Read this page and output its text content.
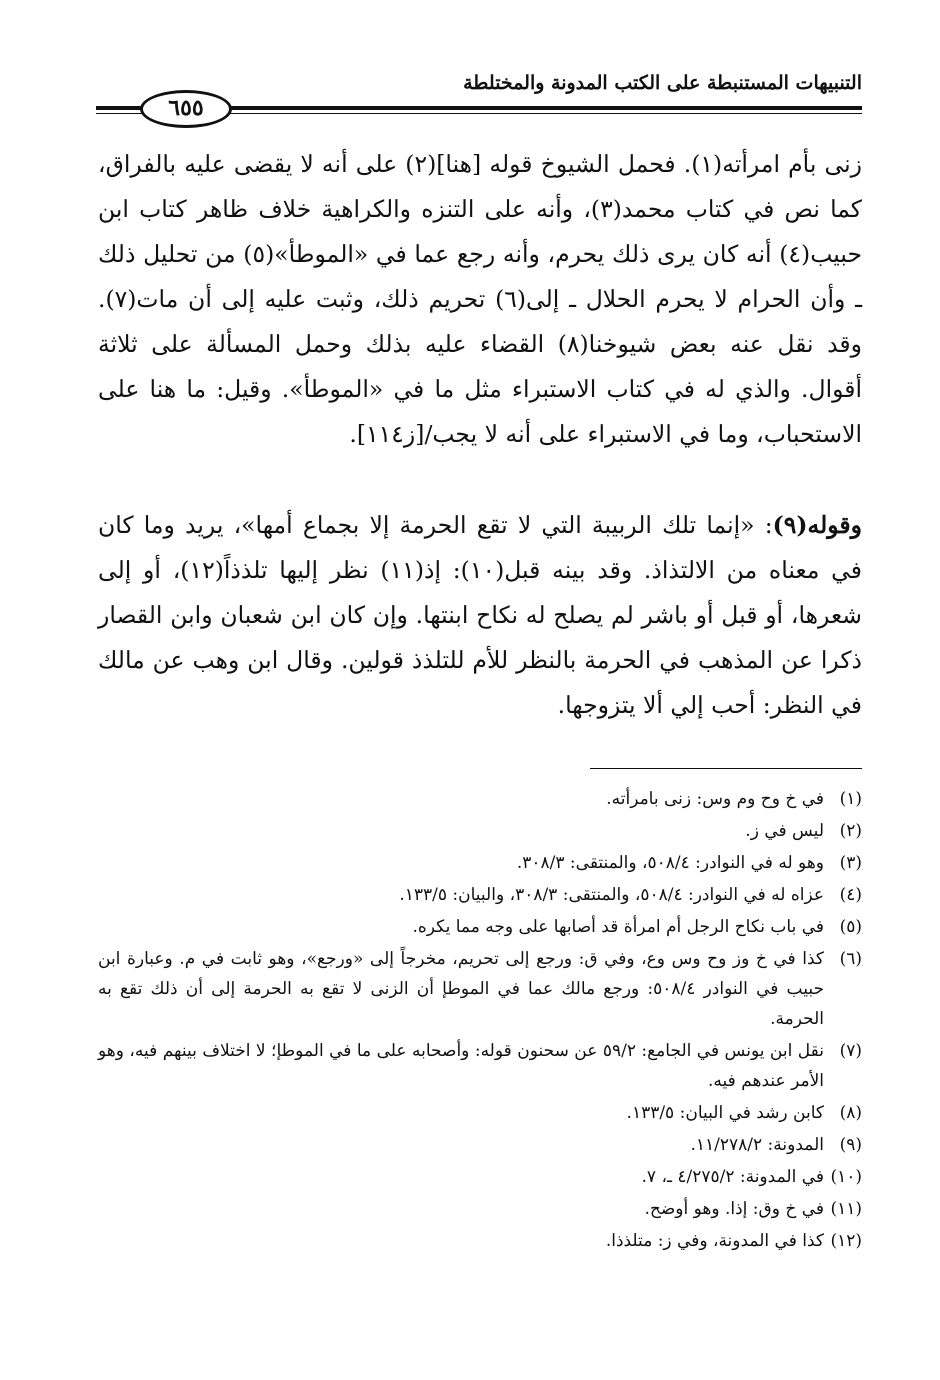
التنبيهات المستنبطة على الكتب المدونة والمختلطة
٦٥٥

زنى بأم امرأته(١). فحمل الشيوخ قوله [هنا](٢) على أنه لا يقضى عليه بالفراق، كما نص في كتاب محمد(٣)، وأنه على التنزه والكراهية خلاف ظاهر كتاب ابن حبيب(٤) أنه كان يرى ذلك يحرم، وأنه رجع عما في «الموطأ»(٥) من تحليل ذلك ـ وأن الحرام لا يحرم الحلال ـ إلى(٦) تحريم ذلك، وثبت عليه إلى أن مات(٧). وقد نقل عنه بعض شيوخنا(٨) القضاء عليه بذلك وحمل المسألة على ثلاثة أقوال. والذي له في كتاب الاستبراء مثل ما في «الموطأ». وقيل: ما هنا على الاستحباب، وما في الاستبراء على أنه لا يجب/[ز١١٤].

وقوله(٩): «إنما تلك الربيبة التي لا تقع الحرمة إلا بجماع أمها»، يريد وما كان في معناه من الالتذاذ. وقد بينه قبل(١٠): إذ(١١) نظر إليها تلذذاً(١٢)، أو إلى شعرها، أو قبل أو باشر لم يصلح له نكاح ابنتها. وإن كان ابن شعبان وابن القصار ذكرا عن المذهب في الحرمة بالنظر للأم للتلذذ قولين. وقال ابن وهب عن مالك في النظر: أحب إلي ألا يتزوجها.

(١)
في خ وح وم وس: زنى بامرأته.
(٢)
ليس في ز.
(٣)
وهو له في النوادر: ٥٠٨/٤، والمنتقى: ٣٠٨/٣.
(٤)
عزاه له في النوادر: ٥٠٨/٤، والمنتقى: ٣٠٨/٣، والبيان: ١٣٣/٥.
(٥)
في باب نكاح الرجل أم امرأة قد أصابها على وجه مما يكره.
(٦)
كذا في خ وز وح وس وع، وفي ق: ورجع إلى تحريم، مخرجاً إلى «ورجع»، وهو ثابت في م. وعبارة ابن حبيب في النوادر ٥٠٨/٤: ورجع مالك عما في الموطإ أن الزنى لا تقع به الحرمة إلى أن ذلك تقع به الحرمة.
(٧)
نقل ابن يونس في الجامع: ٥٩/٢ عن سحنون قوله: وأصحابه على ما في الموطإ؛ لا اختلاف بينهم فيه، وهو الأمر عندهم فيه.
(٨)
كابن رشد في البيان: ١٣٣/٥.
(٩)
المدونة: ١١/٢٧٨/٢.
(١٠)
في المدونة: ٤/٢٧٥/٢ ـ، ٧.
(١١)
في خ وق: إذا. وهو أوضح.
(١٢)
كذا في المدونة، وفي ز: متلذذا.
